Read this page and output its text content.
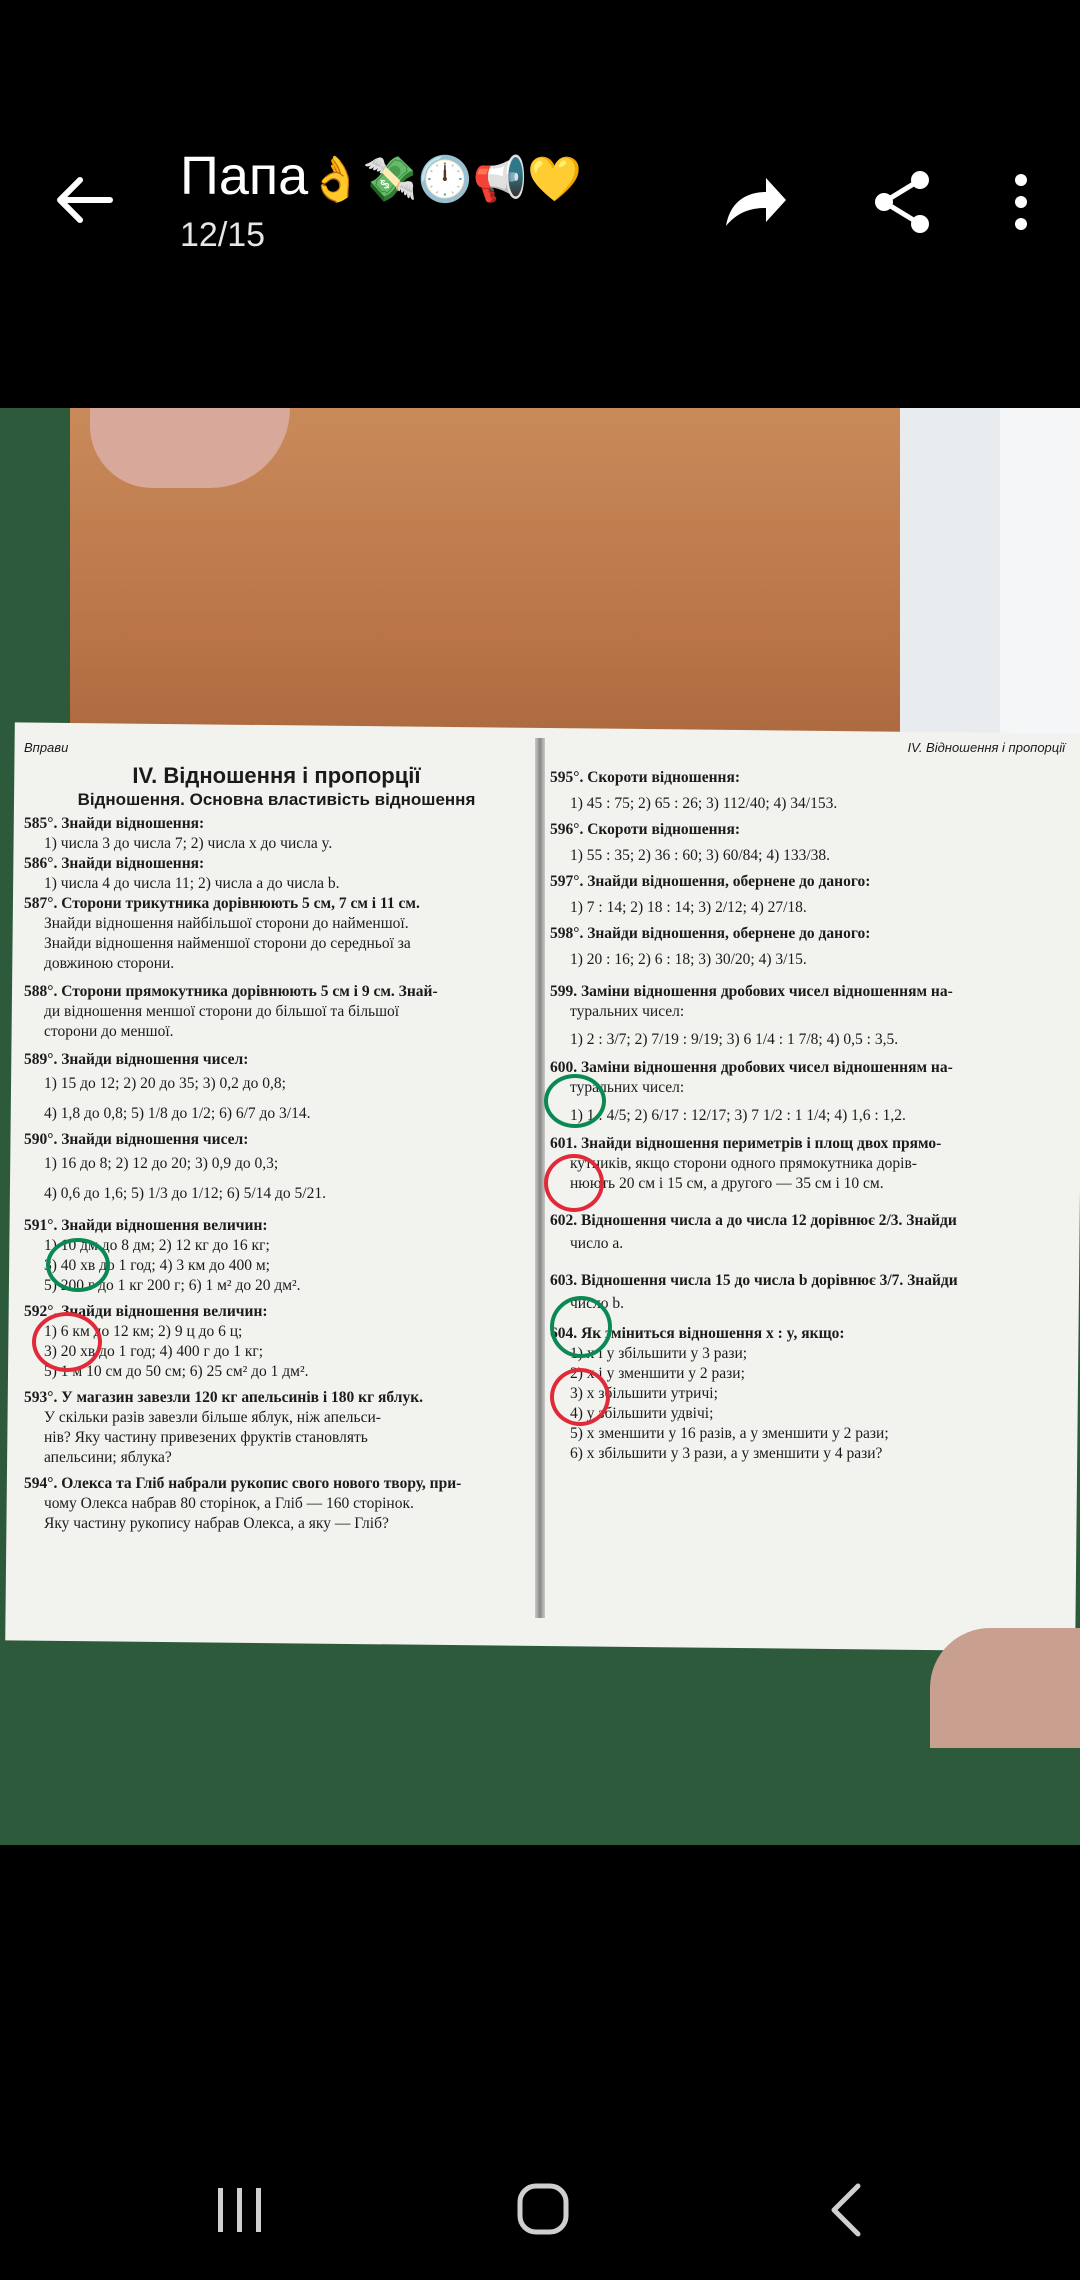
Папа👌💸🕛📢💛
12/15
Вправи
IV. Відношення і пропорції
Відношення. Основна властивість відношення
585°. Знайди відношення:
1) числа 3 до числа 7; 2) числа x до числа y.
586°. Знайди відношення:
1) числа 4 до числа 11; 2) числа a до числа b.
587°. Сторони трикутника дорівнюють 5 см, 7 см і 11 см.
Знайди відношення найбільшої сторони до найменшої.
Знайди відношення найменшої сторони до середньої за
довжиною сторони.
588°. Сторони прямокутника дорівнюють 5 см і 9 см. Знай-
ди відношення меншої сторони до більшої та більшої
сторони до меншої.
589°. Знайди відношення чисел:
1) 15 до 12; 2) 20 до 35; 3) 0,2 до 0,8;
4) 1,8 до 0,8; 5) 1/8 до 1/2; 6) 6/7 до 3/14.
590°. Знайди відношення чисел:
1) 16 до 8; 2) 12 до 20; 3) 0,9 до 0,3;
4) 0,6 до 1,6; 5) 1/3 до 1/12; 6) 5/14 до 5/21.
591°. Знайди відношення величин:
1) 10 дм до 8 дм; 2) 12 кг до 16 кг;
3) 40 хв до 1 год; 4) 3 км до 400 м;
5) 200 г до 1 кг 200 г; 6) 1 м² до 20 дм².
592°. Знайди відношення величин:
1) 6 км до 12 км; 2) 9 ц до 6 ц;
3) 20 хв до 1 год; 4) 400 г до 1 кг;
5) 1 м 10 см до 50 см; 6) 25 см² до 1 дм².
593°. У магазин завезли 120 кг апельсинів і 180 кг яблук.
У скільки разів завезли більше яблук, ніж апельси-
нів? Яку частину привезених фруктів становлять
апельсини; яблука?
594°. Олекса та Гліб набрали рукопис свого нового твору, при-
чому Олекса набрав 80 сторінок, а Гліб — 160 сторінок.
Яку частину рукопису набрав Олекса, а яку — Гліб?
IV. Відношення і пропорції
595°. Скороти відношення:
1) 45 : 75; 2) 65 : 26; 3) 112/40; 4) 34/153.
596°. Скороти відношення:
1) 55 : 35; 2) 36 : 60; 3) 60/84; 4) 133/38.
597°. Знайди відношення, обернене до даного:
1) 7 : 14; 2) 18 : 14; 3) 2/12; 4) 27/18.
598°. Знайди відношення, обернене до даного:
1) 20 : 16; 2) 6 : 18; 3) 30/20; 4) 3/15.
599. Заміни відношення дробових чисел відношенням на-
туральних чисел:
1) 2 : 3/7; 2) 7/19 : 9/19; 3) 6 1/4 : 1 7/8; 4) 0,5 : 3,5.
600. Заміни відношення дробових чисел відношенням на-
туральних чисел:
1) 1 : 4/5; 2) 6/17 : 12/17; 3) 7 1/2 : 1 1/4; 4) 1,6 : 1,2.
601. Знайди відношення периметрів і площ двох прямо-
кутників, якщо сторони одного прямокутника дорів-
нюють 20 см і 15 см, а другого — 35 см і 10 см.
602. Відношення числа a до числа 12 дорівнює 2/3. Знайди
число a.
603. Відношення числа 15 до числа b дорівнює 3/7. Знайди
число b.
604. Як зміниться відношення x : y, якщо:
1) x і y збільшити у 3 рази;
2) x і y зменшити у 2 рази;
3) x збільшити утричі;
4) y збільшити удвічі;
5) x зменшити у 16 разів, а y зменшити у 2 рази;
6) x збільшити у 3 рази, а y зменшити у 4 рази?
